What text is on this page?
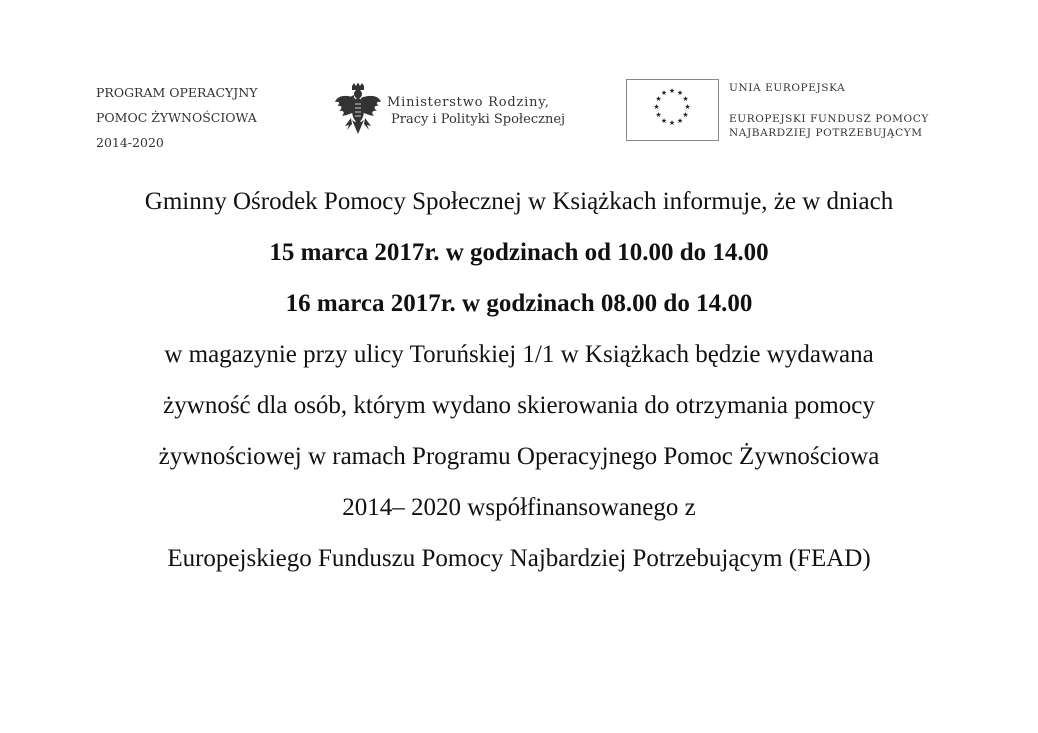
PROGRAM OPERACYJNY
POMOC ŻYWNOŚCIOWA
2014-2020
Ministerstwo Rodziny,
Pracy i Polityki Społecznej
★ ★
★
★
★
★
★
★
★
★
★
★	UNIA EUROPEJSKA
EUROPEJSKI FUNDUSZ POMOCY
NAJBARDZIEJ POTRZEBUJĄCYM

Gminny Ośrodek Pomocy Społecznej w Książkach informuje, że w dniach

15 marca 2017r. w godzinach od 10.00 do 14.00

16 marca 2017r. w godzinach 08.00 do 14.00

w magazynie przy ulicy Toruńskiej 1/1 w Książkach będzie wydawana

żywność dla osób, którym wydano skierowania do otrzymania pomocy

żywnościowej w ramach Programu Operacyjnego Pomoc Żywnościowa

2014– 2020 współfinansowanego z

Europejskiego Funduszu Pomocy Najbardziej Potrzebującym (FEAD)
